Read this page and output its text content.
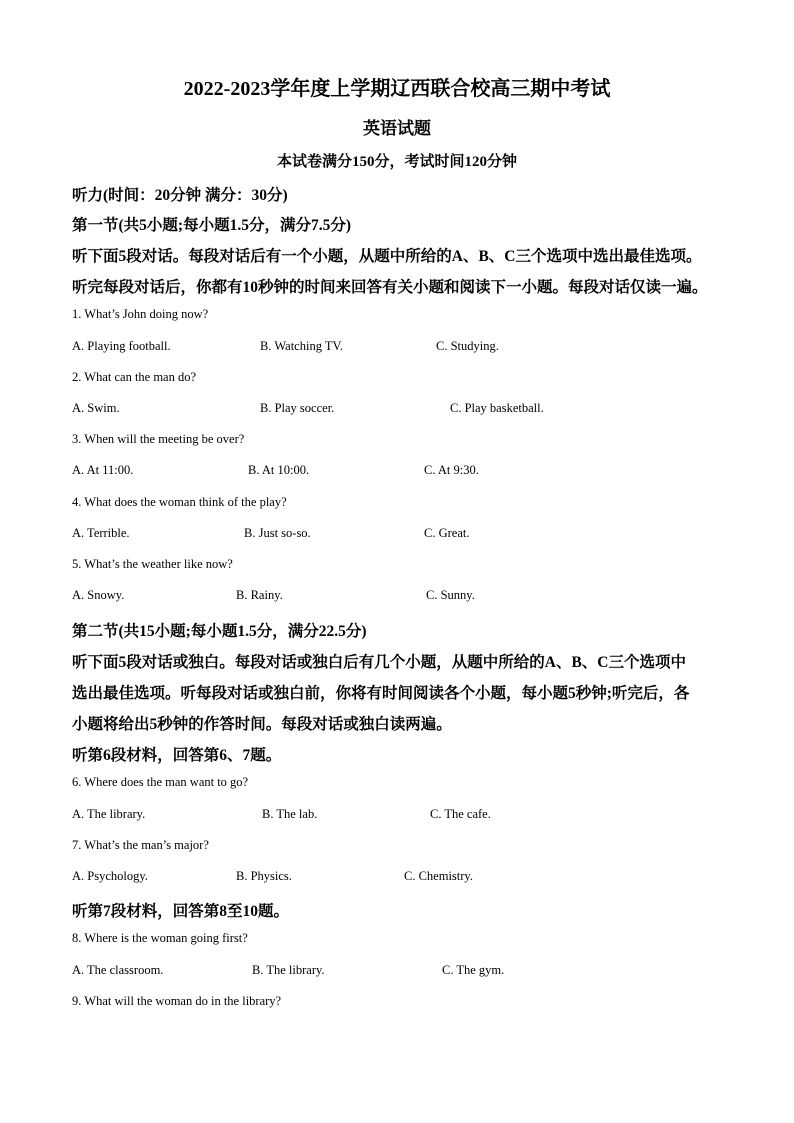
2022-2023学年度上学期辽西联合校高三期中考试
英语试题
本试卷满分150分，考试时间120分钟
听力(时间：20分钟 满分：30分)
第一节(共5小题;每小题1.5分，满分7.5分)
听下面5段对话。每段对话后有一个小题，从题中所给的A、B、C三个选项中选出最佳选项。
听完每段对话后，你都有10秒钟的时间来回答有关小题和阅读下一小题。每段对话仅读一遍。
1. What’s John doing now?
A. Playing football.	B. Watching TV.	C. Studying.
2. What can the man do?
A. Swim.	B. Play soccer.	C. Play basketball.
3. When will the meeting be over?
A. At 11:00.	B. At 10:00.	C. At 9:30.
4. What does the woman think of the play?
A. Terrible.	B. Just so-so.	C. Great.
5. What’s the weather like now?
A. Snowy.	B. Rainy.	C. Sunny.
第二节(共15小题;每小题1.5分，满分22.5分)
听下面5段对话或独白。每段对话或独白后有几个小题，从题中所给的A、B、C三个选项中
选出最佳选项。听每段对话或独白前，你将有时间阅读各个小题，每小题5秒钟;听完后，各
小题将给出5秒钟的作答时间。每段对话或独白读两遍。
听第6段材料，回答第6、7题。
6. Where does the man want to go?
A. The library.	B. The lab.	C. The cafe.
7. What’s the man’s major?
A. Psychology.	B. Physics.	C. Chemistry.
听第7段材料，回答第8至10题。
8. Where is the woman going first?
A. The classroom.	B. The library.	C. The gym.
9. What will the woman do in the library?
